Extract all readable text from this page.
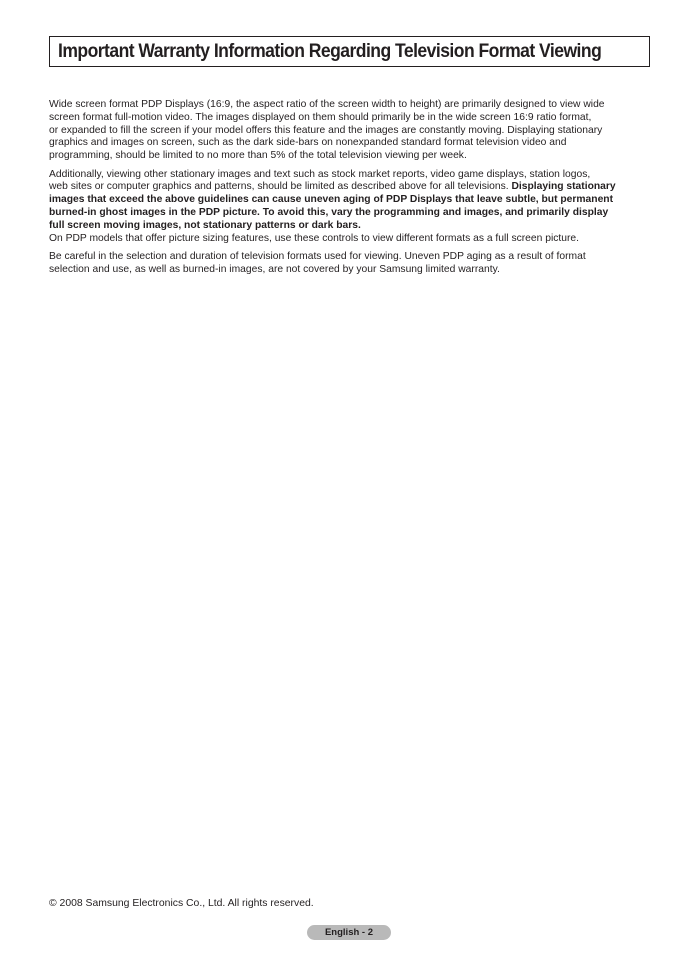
Important Warranty Information Regarding Television Format Viewing

Wide screen format PDP Displays (16:9, the aspect ratio of the screen width to height) are primarily designed to view wide
screen format full-motion video. The images displayed on them should primarily be in the wide screen 16:9 ratio format,
or expanded to fill the screen if your model offers this feature and the images are constantly moving. Displaying stationary
graphics and images on screen, such as the dark side-bars on nonexpanded standard format television video and
programming, should be limited to no more than 5% of the total television viewing per week.

Additionally, viewing other stationary images and text such as stock market reports, video game displays, station logos,
web sites or computer graphics and patterns, should be limited as described above for all televisions. Displaying stationary
images that exceed the above guidelines can cause uneven aging of PDP Displays that leave subtle, but permanent
burned-in ghost images in the PDP picture. To avoid this, vary the programming and images, and primarily display
full screen moving images, not stationary patterns or dark bars.

On PDP models that offer picture sizing features, use these controls to view different formats as a full screen picture.

Be careful in the selection and duration of television formats used for viewing. Uneven PDP aging as a result of format
selection and use, as well as burned-in images, are not covered by your Samsung limited warranty.

© 2008 Samsung Electronics Co., Ltd. All rights reserved.
English - 2
